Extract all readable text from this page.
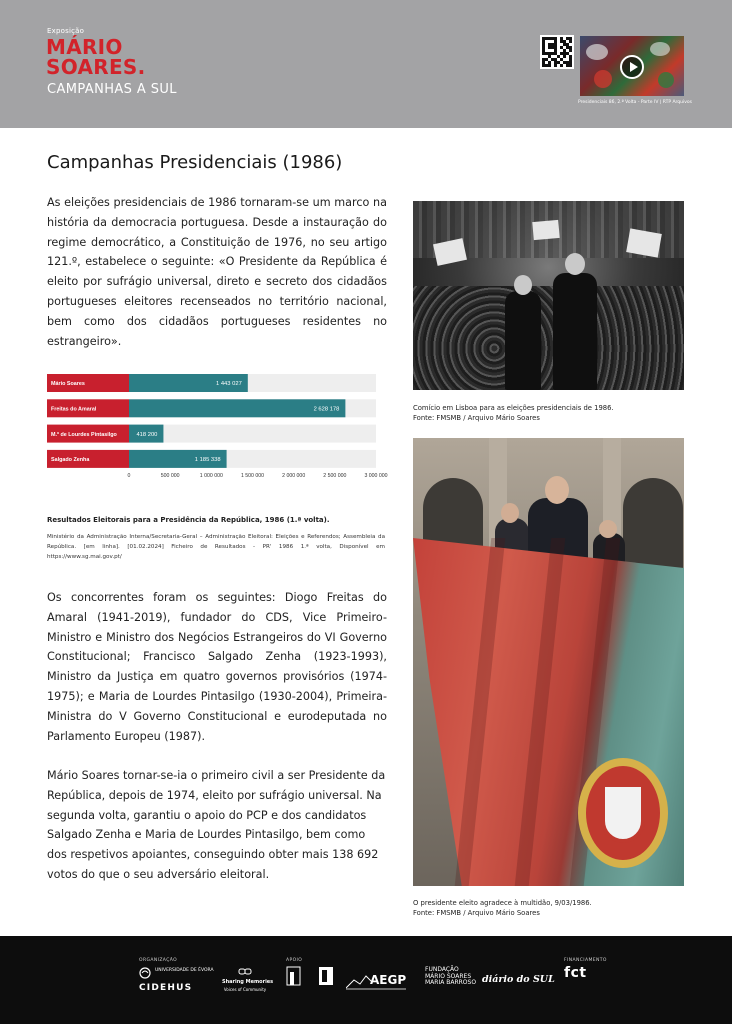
Exposição
MÁRIO
SOARES.
CAMPANHAS A SUL
Presidenciais 86, 2.ª Volta - Parte IV | RTP Arquivos
Campanhas Presidenciais (1986)

As eleições presidenciais de 1986 tornaram-se um marco na história da democracia portuguesa. Desde a instauração do regime democrático, a Constituição de 1976, no seu artigo 121.º, estabelece o seguinte: «O Presidente da República é eleito por sufrágio universal, direto e secreto dos cidadãos portugueses eleitores recenseados no território nacional, bem como dos cidadãos portugueses residentes no estrangeiro».

Mário Soares	1 443 027
Freitas do Amaral	2 628 178
M.ª de Lourdes Pintasilgo	418 200
Salgado Zenha	1 185 338
0	500 000	1 000 000	1 500 000	2 000 000	2 500 000	3 000 000
Resultados Eleitorais para a Presidência da República, 1986 (1.ª volta).
Ministério da Administração Interna/Secretaria-Geral – Administração Eleitoral: Eleições e Referendos; Assembleia da República. [em linha]. [01.02.2024] Ficheiro de Resultados - PR' 1986 1.ª volta, Disponível em https://www.sg.mai.gov.pt/

Os concorrentes foram os seguintes: Diogo Freitas do Amaral (1941-2019), fundador do CDS, Vice Primeiro-Ministro e Ministro dos Negócios Estrangeiros do VI Governo Constitucional; Francisco Salgado Zenha (1923-1993), Ministro da Justiça em quatro governos provisórios (1974-1975); e Maria de Lourdes Pintasilgo (1930-2004), Primeira-Ministra do V Governo Constitucional e eurodeputada no Parlamento Europeu (1987).

Mário Soares tornar-se-ia o primeiro civil a ser Presidente da República, depois de 1974, eleito por sufrágio universal. Na segunda volta, garantiu o apoio do PCP e dos candidatos Salgado Zenha e Maria de Lourdes Pintasilgo, bem como dos respetivos apoiantes, conseguindo obter mais 138 692 votos do que o seu adversário eleitoral.

Comício em Lisboa para as eleições presidenciais de 1986.
Fonte: FMSMB / Arquivo Mário Soares
O presidente eleito agradece à multidão, 9/03/1986.
Fonte: FMSMB / Arquivo Mário Soares
ORGANIZAÇÃO	APOIO	FINANCIAMENTO
UNIVERSIDADE DE ÉVORA
CIDEHUS
Sharing Memories
Voices of Community
AEGP
FUNDAÇÃO
MÁRIO SOARES
MARIA BARROSO diário do SUL fct
